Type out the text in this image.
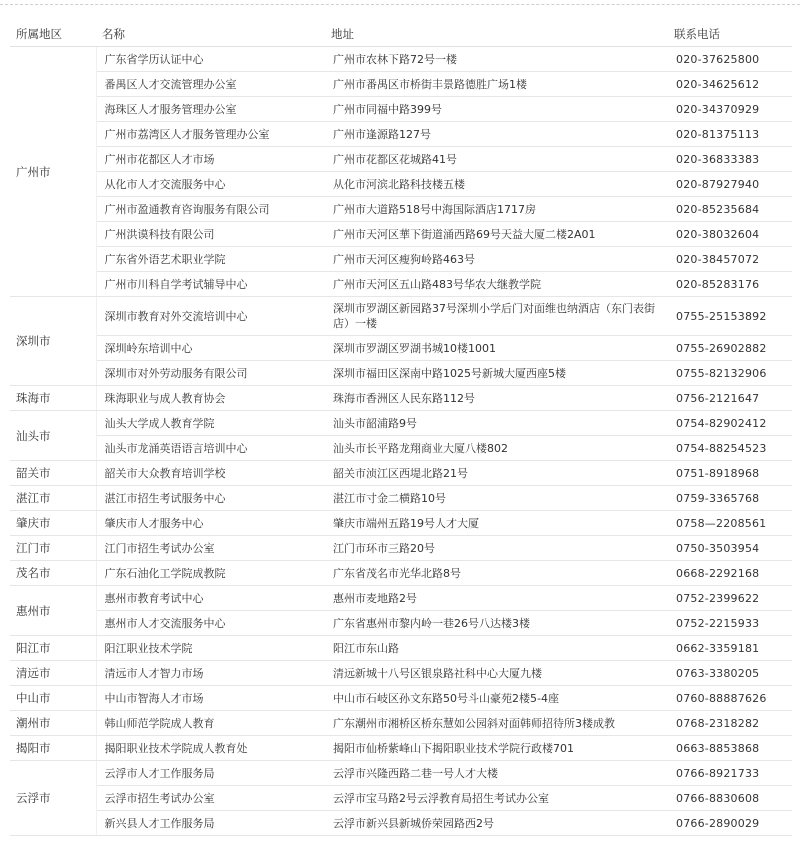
所属地区	名称	地址	联系电话
广州市	广东省学历认证中心	广州市农林下路72号一楼	020-37625800
	番禺区人才交流管理办公室	广州市番禺区市桥街丰景路德胜广场1楼	020-34625612
	海珠区人才服务管理办公室	广州市同福中路399号	020-34370929
	广州市荔湾区人才服务管理办公室	广州市逢源路127号	020-81375113
	广州市花都区人才市场	广州市花都区花城路41号	020-36833383
	从化市人才交流服务中心	从化市河滨北路科技楼五楼	020-87927940
	广州市盈通教育咨询服务有限公司	广州市大道路518号中海国际酒店1717房	020-85235684
	广州洪谟科技有限公司	广州市天河区華下街道涌西路69号天益大厦二楼2A01	020-38032604
	广东省外语艺术职业学院	广州市天河区瘦狗岭路463号	020-38457072
	广州市川科自学考试辅导中心	广州市天河区五山路483号华农大继教学院	020-85283176
深圳市	深圳市教育对外交流培训中心	深圳市罗湖区新园路37号深圳小学后门对面维也纳酒店（东门表街店）一楼	0755-25153892
	深圳岭东培训中心	深圳市罗湖区罗湖书城10楼1001	0755-26902882
	深圳市对外劳动服务有限公司	深圳市福田区深南中路1025号新城大厦西座5楼	0755-82132906
珠海市	珠海职业与成人教育协会	珠海市香洲区人民东路112号	0756-2121647
汕头市	汕头大学成人教育学院	汕头市韶浦路9号	0754-82902412
	汕头市龙涌英语语言培训中心	汕头市长平路龙翔商业大厦八楼802	0754-88254523
韶关市	韶关市大众教育培训学校	韶关市浈江区西堤北路21号	0751-8918968
湛江市	湛江市招生考试服务中心	湛江市寸金二横路10号	0759-3365768
肇庆市	肇庆市人才服务中心	肇庆市端州五路19号人才大厦	0758—2208561
江门市	江门市招生考试办公室	江门市环市三路20号	0750-3503954
茂名市	广东石油化工学院成教院	广东省茂名市光华北路8号	0668-2292168
惠州市	惠州市教育考试中心	惠州市麦地路2号	0752-2399622
	惠州市人才交流服务中心	广东省惠州市黎内岭一巷26号八达楼3楼	0752-2215933
阳江市	阳江职业技术学院	阳江市东山路	0662-3359181
清远市	清远市人才智力市场	清远新城十八号区银泉路社科中心大厦九楼	0763-3380205
中山市	中山市智海人才市场	中山市石岐区孙文东路50号斗山豪苑2楼5-4座	0760-88887626
潮州市	韩山师范学院成人教育	广东潮州市湘桥区桥东慧如公园斜对面韩师招待所3楼成教	0768-2318282
揭阳市	揭阳职业技术学院成人教育处	揭阳市仙桥紫峰山下揭阳职业技术学院行政楼701	0663-8853868
云浮市	云浮市人才工作服务局	云浮市兴隆西路二巷一号人才大楼	0766-8921733
	云浮市招生考试办公室	云浮市宝马路2号云浮教育局招生考试办公室	0766-8830608
	新兴县人才工作服务局	云浮市新兴县新城侨荣园路西2号	0766-2890029
